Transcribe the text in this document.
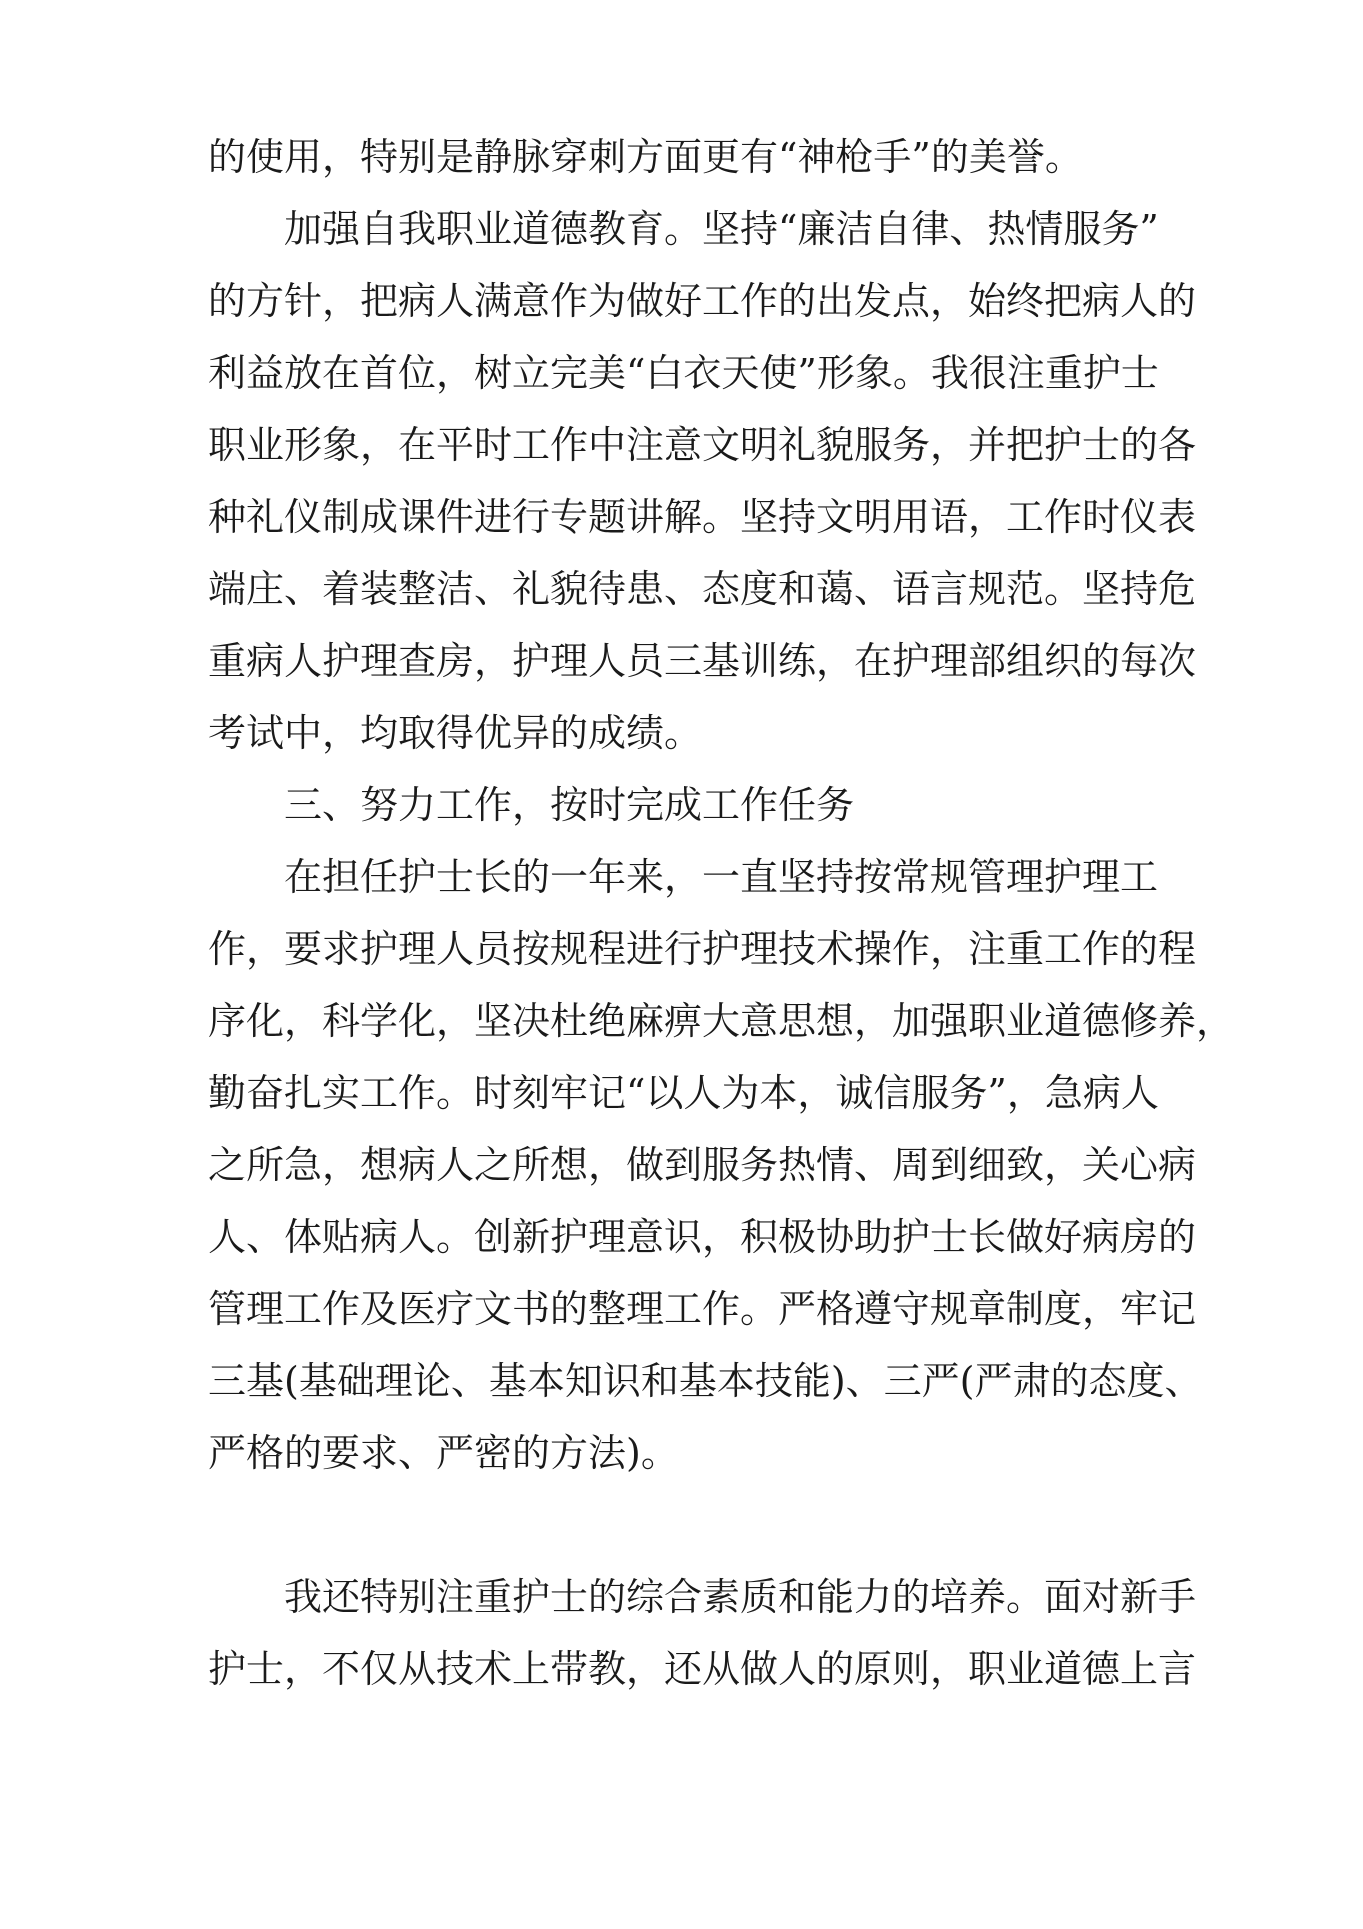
的使用，特别是静脉穿刺方面更有“神枪手”的美誉。
加强自我职业道德教育。坚持“廉洁自律、热情服务”
的方针，把病人满意作为做好工作的出发点，始终把病人的
利益放在首位，树立完美“白衣天使”形象。我很注重护士
职业形象，在平时工作中注意文明礼貌服务，并把护士的各
种礼仪制成课件进行专题讲解。坚持文明用语，工作时仪表
端庄、着装整洁、礼貌待患、态度和蔼、语言规范。坚持危
重病人护理查房，护理人员三基训练，在护理部组织的每次
考试中，均取得优异的成绩。
三、努力工作，按时完成工作任务
在担任护士长的一年来，一直坚持按常规管理护理工
作，要求护理人员按规程进行护理技术操作，注重工作的程
序化，科学化，坚决杜绝麻痹大意思想，加强职业道德修养，
勤奋扎实工作。时刻牢记“以人为本，诚信服务”，急病人
之所急，想病人之所想，做到服务热情、周到细致，关心病
人、体贴病人。创新护理意识，积极协助护士长做好病房的
管理工作及医疗文书的整理工作。严格遵守规章制度，牢记
三基(基础理论、基本知识和基本技能)、三严(严肃的态度、
严格的要求、严密的方法)。
我还特别注重护士的综合素质和能力的培养。面对新手
护士，不仅从技术上带教，还从做人的原则，职业道德上言
